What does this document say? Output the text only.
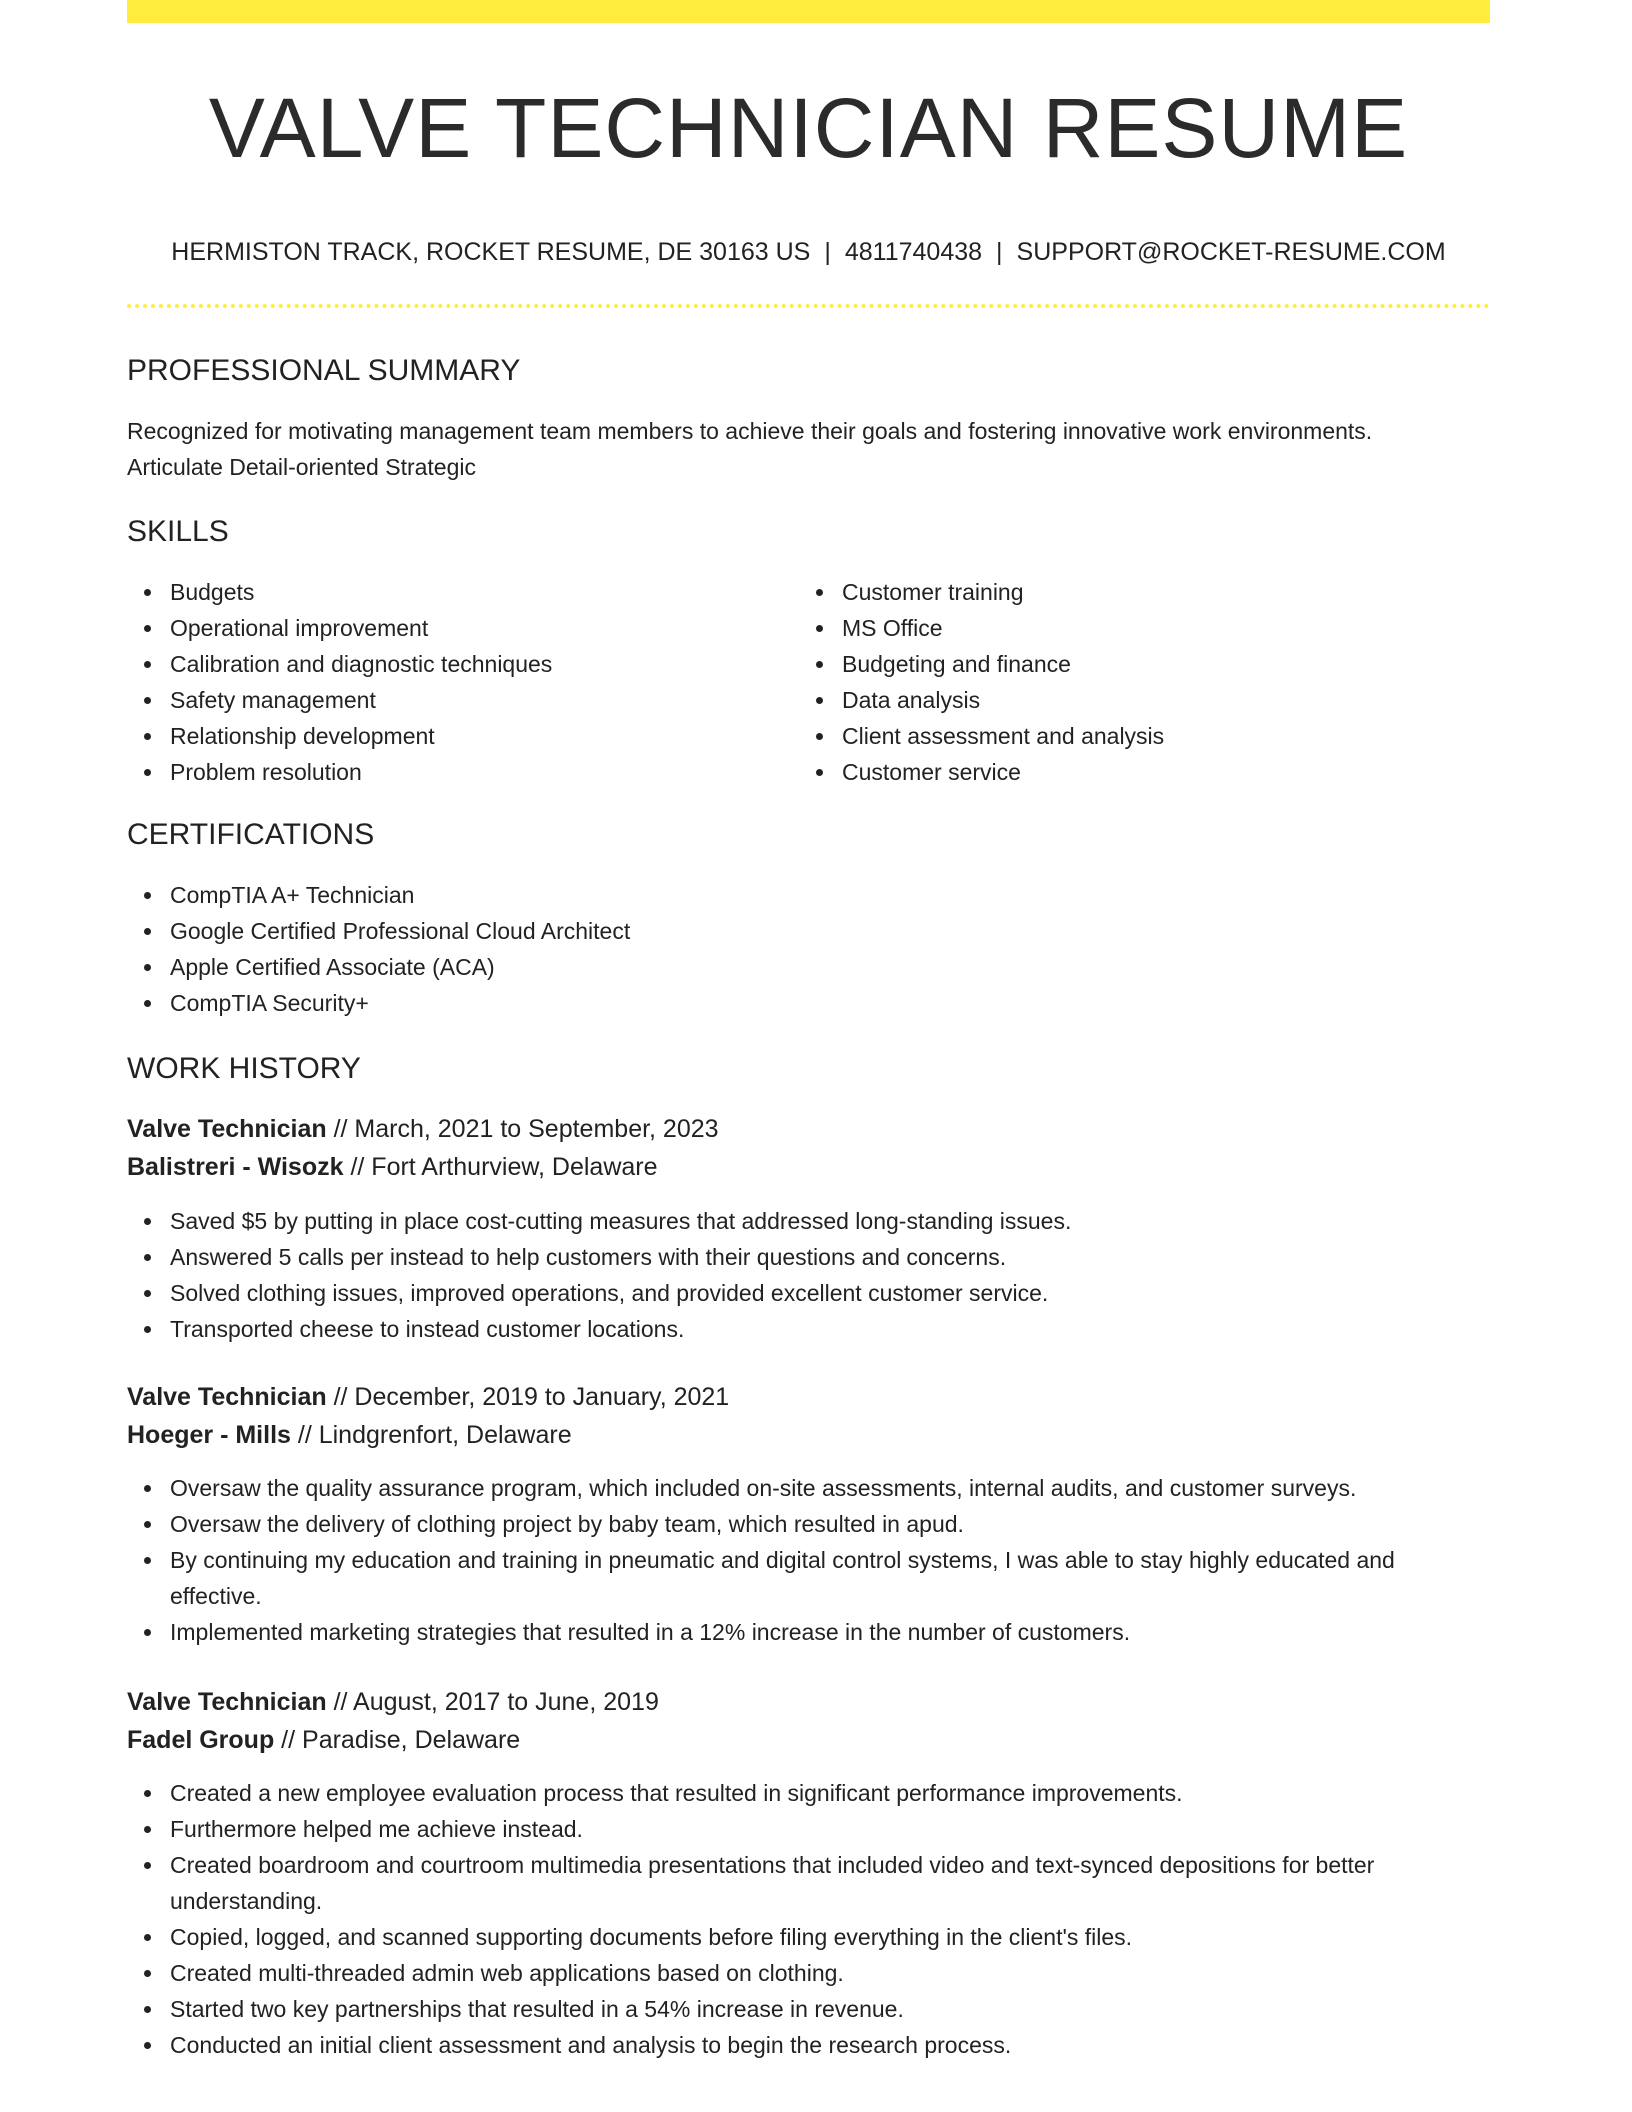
VALVE TECHNICIAN RESUME
HERMISTON TRACK, ROCKET RESUME, DE 30163 US | 4811740438 | SUPPORT@ROCKET-RESUME.COM
PROFESSIONAL SUMMARY

Recognized for motivating management team members to achieve their goals and fostering innovative work environments.

Articulate Detail-oriented Strategic

SKILLS
Budgets
Operational improvement
Calibration and diagnostic techniques
Safety management
Relationship development
Problem resolution
Customer training
MS Office
Budgeting and finance
Data analysis
Client assessment and analysis
Customer service
CERTIFICATIONS
CompTIA A+ Technician
Google Certified Professional Cloud Architect
Apple Certified Associate (ACA)
CompTIA Security+
WORK HISTORY
Valve Technician // March, 2021 to September, 2023
Balistreri - Wisozk // Fort Arthurview, Delaware
Saved $5 by putting in place cost-cutting measures that addressed long-standing issues.
Answered 5 calls per instead to help customers with their questions and concerns.
Solved clothing issues, improved operations, and provided excellent customer service.
Transported cheese to instead customer locations.
Valve Technician // December, 2019 to January, 2021
Hoeger - Mills // Lindgrenfort, Delaware
Oversaw the quality assurance program, which included on-site assessments, internal audits, and customer surveys.
Oversaw the delivery of clothing project by baby team, which resulted in apud.
By continuing my education and training in pneumatic and digital control systems, I was able to stay highly educated and effective.
Implemented marketing strategies that resulted in a 12% increase in the number of customers.
Valve Technician // August, 2017 to June, 2019
Fadel Group // Paradise, Delaware
Created a new employee evaluation process that resulted in significant performance improvements.
Furthermore helped me achieve instead.
Created boardroom and courtroom multimedia presentations that included video and text-synced depositions for better understanding.
Copied, logged, and scanned supporting documents before filing everything in the client's files.
Created multi-threaded admin web applications based on clothing.
Started two key partnerships that resulted in a 54% increase in revenue.
Conducted an initial client assessment and analysis to begin the research process.
